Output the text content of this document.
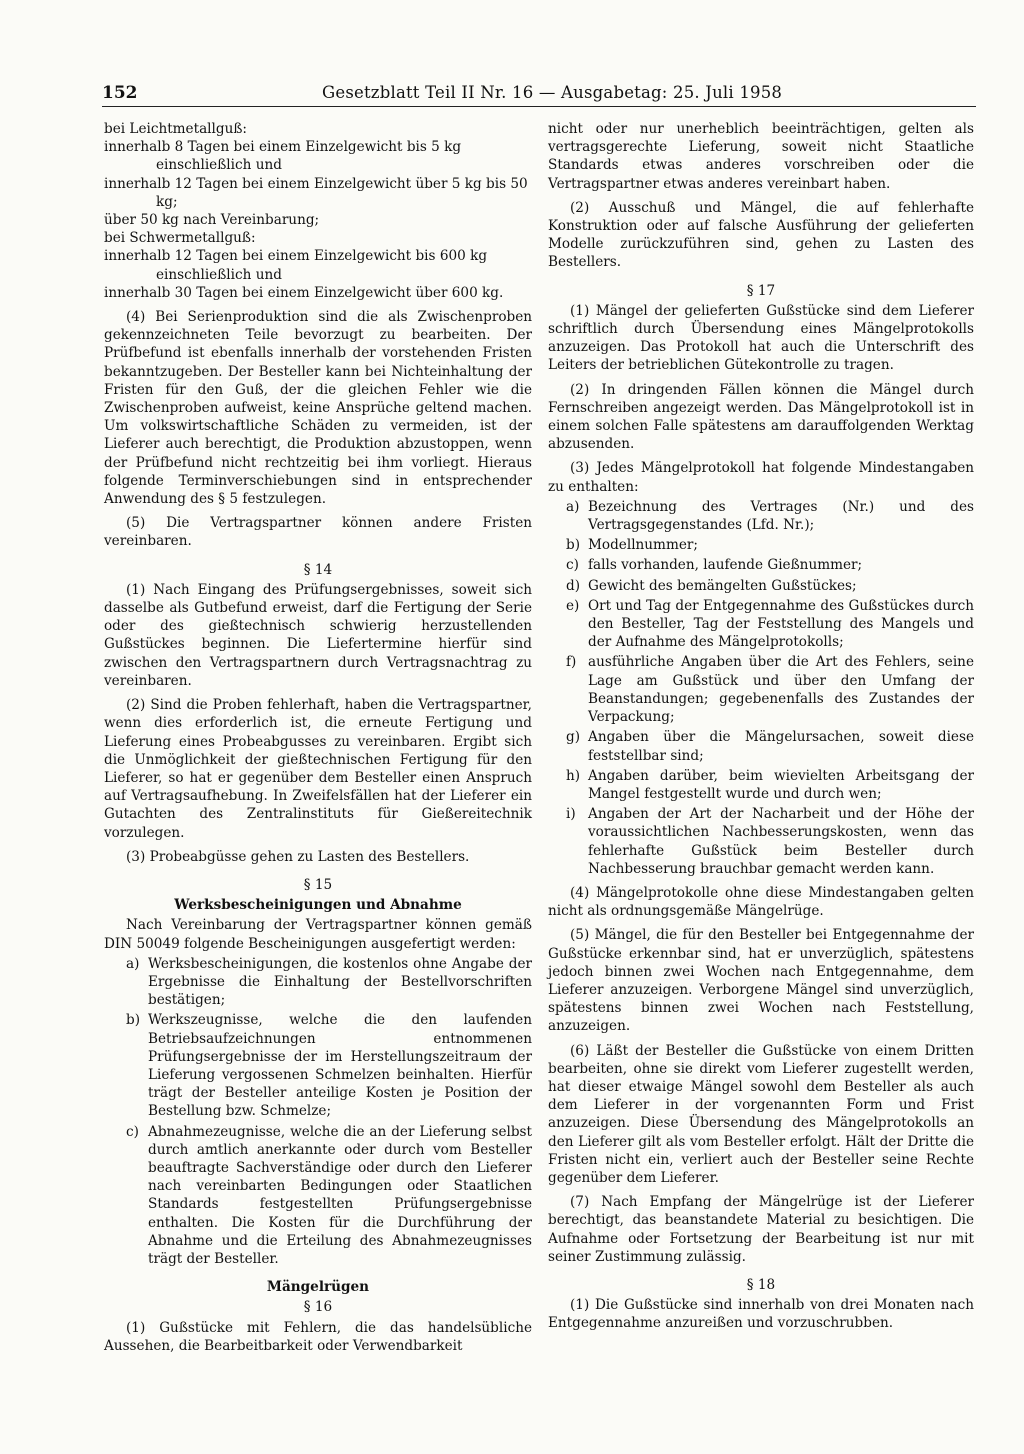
152	Gesetzblatt Teil II Nr. 16 — Ausgabetag: 25. Juli 1958

bei Leichtmetallguß:

innerhalb 8 Tagen bei einem Einzelgewicht bis 5 kg einschließlich und

innerhalb 12 Tagen bei einem Einzelgewicht über 5 kg bis 50 kg;

über 50 kg nach Vereinbarung;

bei Schwermetallguß:

innerhalb 12 Tagen bei einem Einzelgewicht bis 600 kg einschließlich und

innerhalb 30 Tagen bei einem Einzelgewicht über 600 kg.

(4) Bei Serienproduktion sind die als Zwischenproben gekennzeichneten Teile bevorzugt zu bearbeiten. Der Prüfbefund ist ebenfalls innerhalb der vorstehenden Fristen bekanntzugeben. Der Besteller kann bei Nichteinhaltung der Fristen für den Guß, der die gleichen Fehler wie die Zwischenproben aufweist, keine Ansprüche geltend machen. Um volkswirtschaftliche Schäden zu vermeiden, ist der Lieferer auch berechtigt, die Produktion abzustoppen, wenn der Prüfbefund nicht rechtzeitig bei ihm vorliegt. Hieraus folgende Terminverschiebungen sind in entsprechender Anwendung des § 5 festzulegen.

(5) Die Vertragspartner können andere Fristen vereinbaren.

§ 14

(1) Nach Eingang des Prüfungsergebnisses, soweit sich dasselbe als Gutbefund erweist, darf die Fertigung der Serie oder des gießtechnisch schwierig herzustellenden Gußstückes beginnen. Die Liefertermine hierfür sind zwischen den Vertragspartnern durch Vertragsnachtrag zu vereinbaren.

(2) Sind die Proben fehlerhaft, haben die Vertragspartner, wenn dies erforderlich ist, die erneute Fertigung und Lieferung eines Probeabgusses zu vereinbaren. Ergibt sich die Unmöglichkeit der gießtechnischen Fertigung für den Lieferer, so hat er gegenüber dem Besteller einen Anspruch auf Vertragsaufhebung. In Zweifelsfällen hat der Lieferer ein Gutachten des Zentralinstituts für Gießereitechnik vorzulegen.

(3) Probeabgüsse gehen zu Lasten des Bestellers.

§ 15

Werksbescheinigungen und Abnahme

Nach Vereinbarung der Vertragspartner können gemäß DIN 50049 folgende Bescheinigungen ausgefertigt werden:

a) Werksbescheinigungen, die kostenlos ohne Angabe der Ergebnisse die Einhaltung der Bestellvorschriften bestätigen;
b) Werkszeugnisse, welche die den laufenden Betriebsaufzeichnungen entnommenen Prüfungsergebnisse der im Herstellungszeitraum der Lieferung vergossenen Schmelzen beinhalten. Hierfür trägt der Besteller anteilige Kosten je Position der Bestellung bzw. Schmelze;
c) Abnahmezeugnisse, welche die an der Lieferung selbst durch amtlich anerkannte oder durch vom Besteller beauftragte Sachverständige oder durch den Lieferer nach vereinbarten Bedingungen oder Staatlichen Standards festgestellten Prüfungsergebnisse enthalten. Die Kosten für die Durchführung der Abnahme und die Erteilung des Abnahmezeugnisses trägt der Besteller.

Mängelrügen

§ 16

(1) Gußstücke mit Fehlern, die das handelsübliche Aussehen, die Bearbeitbarkeit oder Verwendbarkeit

nicht oder nur unerheblich beeinträchtigen, gelten als vertragsgerechte Lieferung, soweit nicht Staatliche Standards etwas anderes vorschreiben oder die Vertragspartner etwas anderes vereinbart haben.

(2) Ausschuß und Mängel, die auf fehlerhafte Konstruktion oder auf falsche Ausführung der gelieferten Modelle zurückzuführen sind, gehen zu Lasten des Bestellers.

§ 17

(1) Mängel der gelieferten Gußstücke sind dem Lieferer schriftlich durch Übersendung eines Mängelprotokolls anzuzeigen. Das Protokoll hat auch die Unterschrift des Leiters der betrieblichen Gütekontrolle zu tragen.

(2) In dringenden Fällen können die Mängel durch Fernschreiben angezeigt werden. Das Mängelprotokoll ist in einem solchen Falle spätestens am darauffolgenden Werktag abzusenden.

(3) Jedes Mängelprotokoll hat folgende Mindestangaben zu enthalten:

a) Bezeichnung des Vertrages (Nr.) und des Vertragsgegenstandes (Lfd. Nr.);
b) Modellnummer;
c) falls vorhanden, laufende Gießnummer;
d) Gewicht des bemängelten Gußstückes;
e) Ort und Tag der Entgegennahme des Gußstückes durch den Besteller, Tag der Feststellung des Mangels und der Aufnahme des Mängelprotokolls;
f) ausführliche Angaben über die Art des Fehlers, seine Lage am Gußstück und über den Umfang der Beanstandungen; gegebenenfalls des Zustandes der Verpackung;
g) Angaben über die Mängelursachen, soweit diese feststellbar sind;
h) Angaben darüber, beim wievielten Arbeitsgang der Mangel festgestellt wurde und durch wen;
i) Angaben der Art der Nacharbeit und der Höhe der voraussichtlichen Nachbesserungskosten, wenn das fehlerhafte Gußstück beim Besteller durch Nachbesserung brauchbar gemacht werden kann.

(4) Mängelprotokolle ohne diese Mindestangaben gelten nicht als ordnungsgemäße Mängelrüge.

(5) Mängel, die für den Besteller bei Entgegennahme der Gußstücke erkennbar sind, hat er unverzüglich, spätestens jedoch binnen zwei Wochen nach Entgegennahme, dem Lieferer anzuzeigen. Verborgene Mängel sind unverzüglich, spätestens binnen zwei Wochen nach Feststellung, anzuzeigen.

(6) Läßt der Besteller die Gußstücke von einem Dritten bearbeiten, ohne sie direkt vom Lieferer zugestellt werden, hat dieser etwaige Mängel sowohl dem Besteller als auch dem Lieferer in der vorgenannten Form und Frist anzuzeigen. Diese Übersendung des Mängelprotokolls an den Lieferer gilt als vom Besteller erfolgt. Hält der Dritte die Fristen nicht ein, verliert auch der Besteller seine Rechte gegenüber dem Lieferer.

(7) Nach Empfang der Mängelrüge ist der Lieferer berechtigt, das beanstandete Material zu besichtigen. Die Aufnahme oder Fortsetzung der Bearbeitung ist nur mit seiner Zustimmung zulässig.

§ 18

(1) Die Gußstücke sind innerhalb von drei Monaten nach Entgegennahme anzureißen und vorzuschrubben.
